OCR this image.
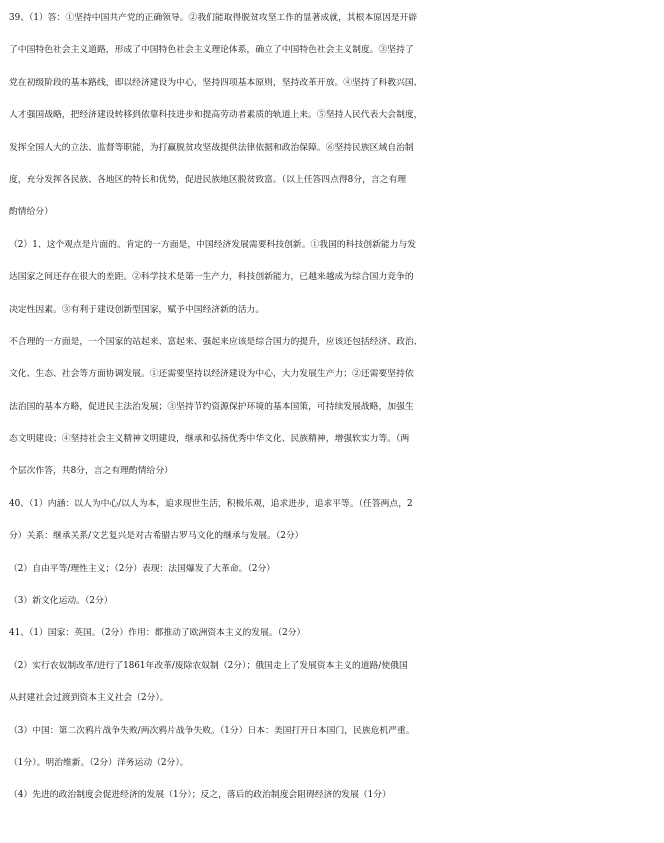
39、（1）答：①坚持中国共产党的正确领导。②我们能取得脱贫攻坚工作的显著成就，其根本原因是开辟
了中国特色社会主义道路，形成了中国特色社会主义理论体系，确立了中国特色社会主义制度。③坚持了
党在初级阶段的基本路线，即以经济建设为中心，坚持四项基本原则，坚持改革开放。④坚持了科教兴国、
人才强国战略，把经济建设转移到依靠科技进步和提高劳动者素质的轨道上来。⑤坚持人民代表大会制度，
发挥全国人大的立法、监督等职能，为打赢脱贫攻坚战提供法律依据和政治保障。⑥坚持民族区域自治制
度，充分发挥各民族、各地区的特长和优势，促进民族地区脱贫致富。（以上任答四点得8分，言之有理
酌情给分）
（2）1、这个观点是片面的。肯定的一方面是，中国经济发展需要科技创新。①我国的科技创新能力与发
达国家之间还存在很大的差距。②科学技术是第一生产力，科技创新能力，已越来越成为综合国力竞争的
决定性因素。③有利于建设创新型国家，赋予中国经济新的活力。
不合理的一方面是，一个国家的站起来、富起来、强起来应该是综合国力的提升，应该还包括经济、政治、
文化、生态、社会等方面协调发展。①还需要坚持以经济建设为中心，大力发展生产力；②还需要坚持依
法治国的基本方略，促进民主法治发展；③坚持节约资源保护环境的基本国策，可持续发展战略，加强生
态文明建设；④坚持社会主义精神文明建设，继承和弘扬优秀中华文化、民族精神，增强软实力等。（两
个层次作答，共8分，言之有理酌情给分）
40、（1）内涵：以人为中心/以人为本，追求现世生活，积极乐观，追求进步，追求平等。（任答两点，2
分）关系：继承关系/文艺复兴是对古希腊古罗马文化的继承与发展。（2分）
（2）自由平等/理性主义；（2分）表现：法国爆发了大革命。（2分）
（3）新文化运动。（2分）
41、（1）国家：英国。（2分）作用：都推动了欧洲资本主义的发展。（2分）
（2）实行农奴制改革/进行了1861年改革/废除农奴制（2分）；俄国走上了发展资本主义的道路/使俄国
从封建社会过渡到资本主义社会（2分）。
（3）中国：第二次鸦片战争失败/两次鸦片战争失败。（1分）日本：美国打开日本国门，民族危机严重。
（1分）。明治维新。（2分）洋务运动（2分）。
（4）先进的政治制度会促进经济的发展（1分）；反之，落后的政治制度会阻碍经济的发展（1分）
